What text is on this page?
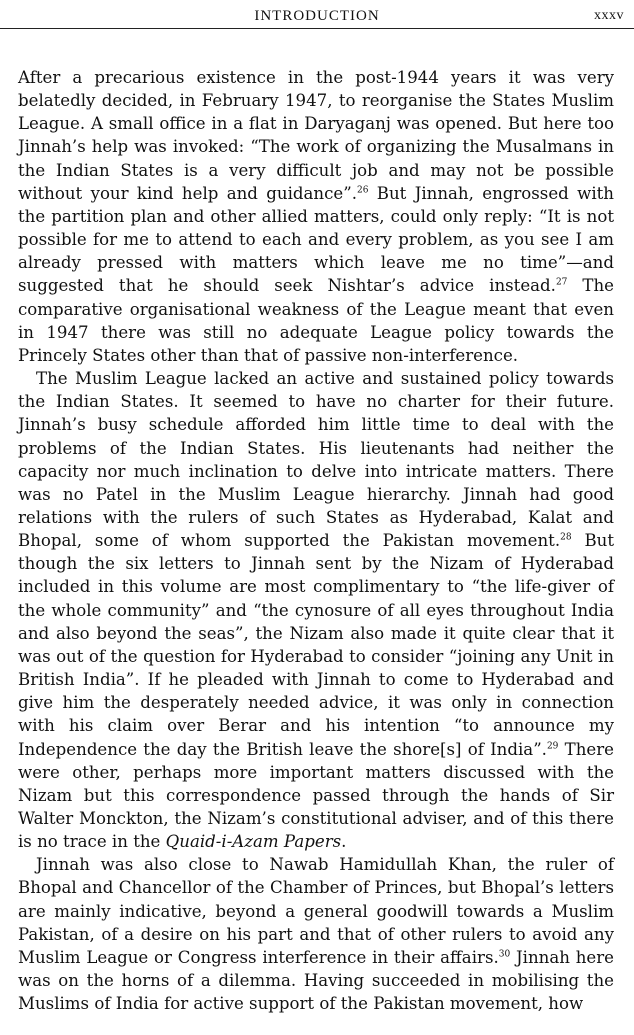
INTRODUCTION	xxxv

After a precarious existence in the post-1944 years it was very belatedly decided, in February 1947, to reorganise the States Muslim League. A small office in a flat in Daryaganj was opened. But here too Jinnah’s help was invoked: “The work of organizing the Musalmans in the Indian States is a very difficult job and may not be possible without your kind help and guidance”.$^{26}$ But Jinnah, engrossed with the partition plan and other allied matters, could only reply: “It is not possible for me to attend to each and every problem, as you see I am already pressed with matters which leave me no time”—and suggested that he should seek Nishtar’s advice instead.$^{27}$ The comparative organisational weakness of the League meant that even in 1947 there was still no adequate League policy towards the Princely States other than that of passive non-interference.

The Muslim League lacked an active and sustained policy towards the Indian States. It seemed to have no charter for their future. Jinnah’s busy schedule afforded him little time to deal with the problems of the Indian States. His lieutenants had neither the capacity nor much inclination to delve into intricate matters. There was no Patel in the Muslim League hierarchy. Jinnah had good relations with the rulers of such States as Hyderabad, Kalat and Bhopal, some of whom supported the Pakistan movement.$^{28}$ But though the six letters to Jinnah sent by the Nizam of Hyderabad included in this volume are most complimentary to “the life-giver of the whole community” and “the cynosure of all eyes throughout India and also beyond the seas”, the Nizam also made it quite clear that it was out of the question for Hyderabad to consider “joining any Unit in British India”. If he pleaded with Jinnah to come to Hyderabad and give him the desperately needed advice, it was only in connection with his claim over Berar and his intention “to announce my Independence the day the British leave the shore[s] of India”.$^{29}$ There were other, perhaps more important matters discussed with the Nizam but this correspondence passed through the hands of Sir Walter Monckton, the Nizam’s constitutional adviser, and of this there is no trace in the Quaid-i-Azam Papers.

Jinnah was also close to Nawab Hamidullah Khan, the ruler of Bhopal and Chancellor of the Chamber of Princes, but Bhopal’s letters are mainly indicative, beyond a general goodwill towards a Muslim Pakistan, of a desire on his part and that of other rulers to avoid any Muslim League or Congress interference in their affairs.$^{30}$ Jinnah here was on the horns of a dilemma. Having succeeded in mobilising the Muslims of India for active support of the Pakistan movement, how
